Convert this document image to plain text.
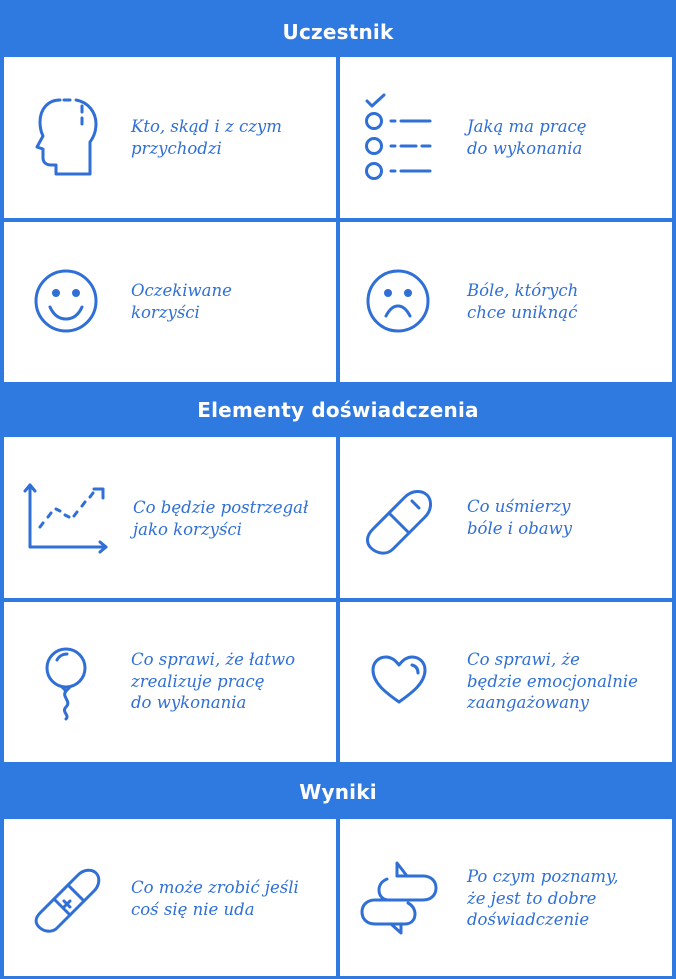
Uczestnik
Kto, skąd i z czym
przychodzi
Jaką ma pracę
do wykonania
Oczekiwane
korzyści
Bóle, których
chce uniknąć
Elementy doświadczenia
Co będzie postrzegał
jako korzyści
Co uśmierzy
bóle i obawy
Co sprawi, że łatwo
zrealizuje pracę
do wykonania
Co sprawi, że
będzie emocjonalnie
zaangażowany
Wyniki
Co może zrobić jeśli
coś się nie uda
Po czym poznamy,
że jest to dobre
doświadczenie
